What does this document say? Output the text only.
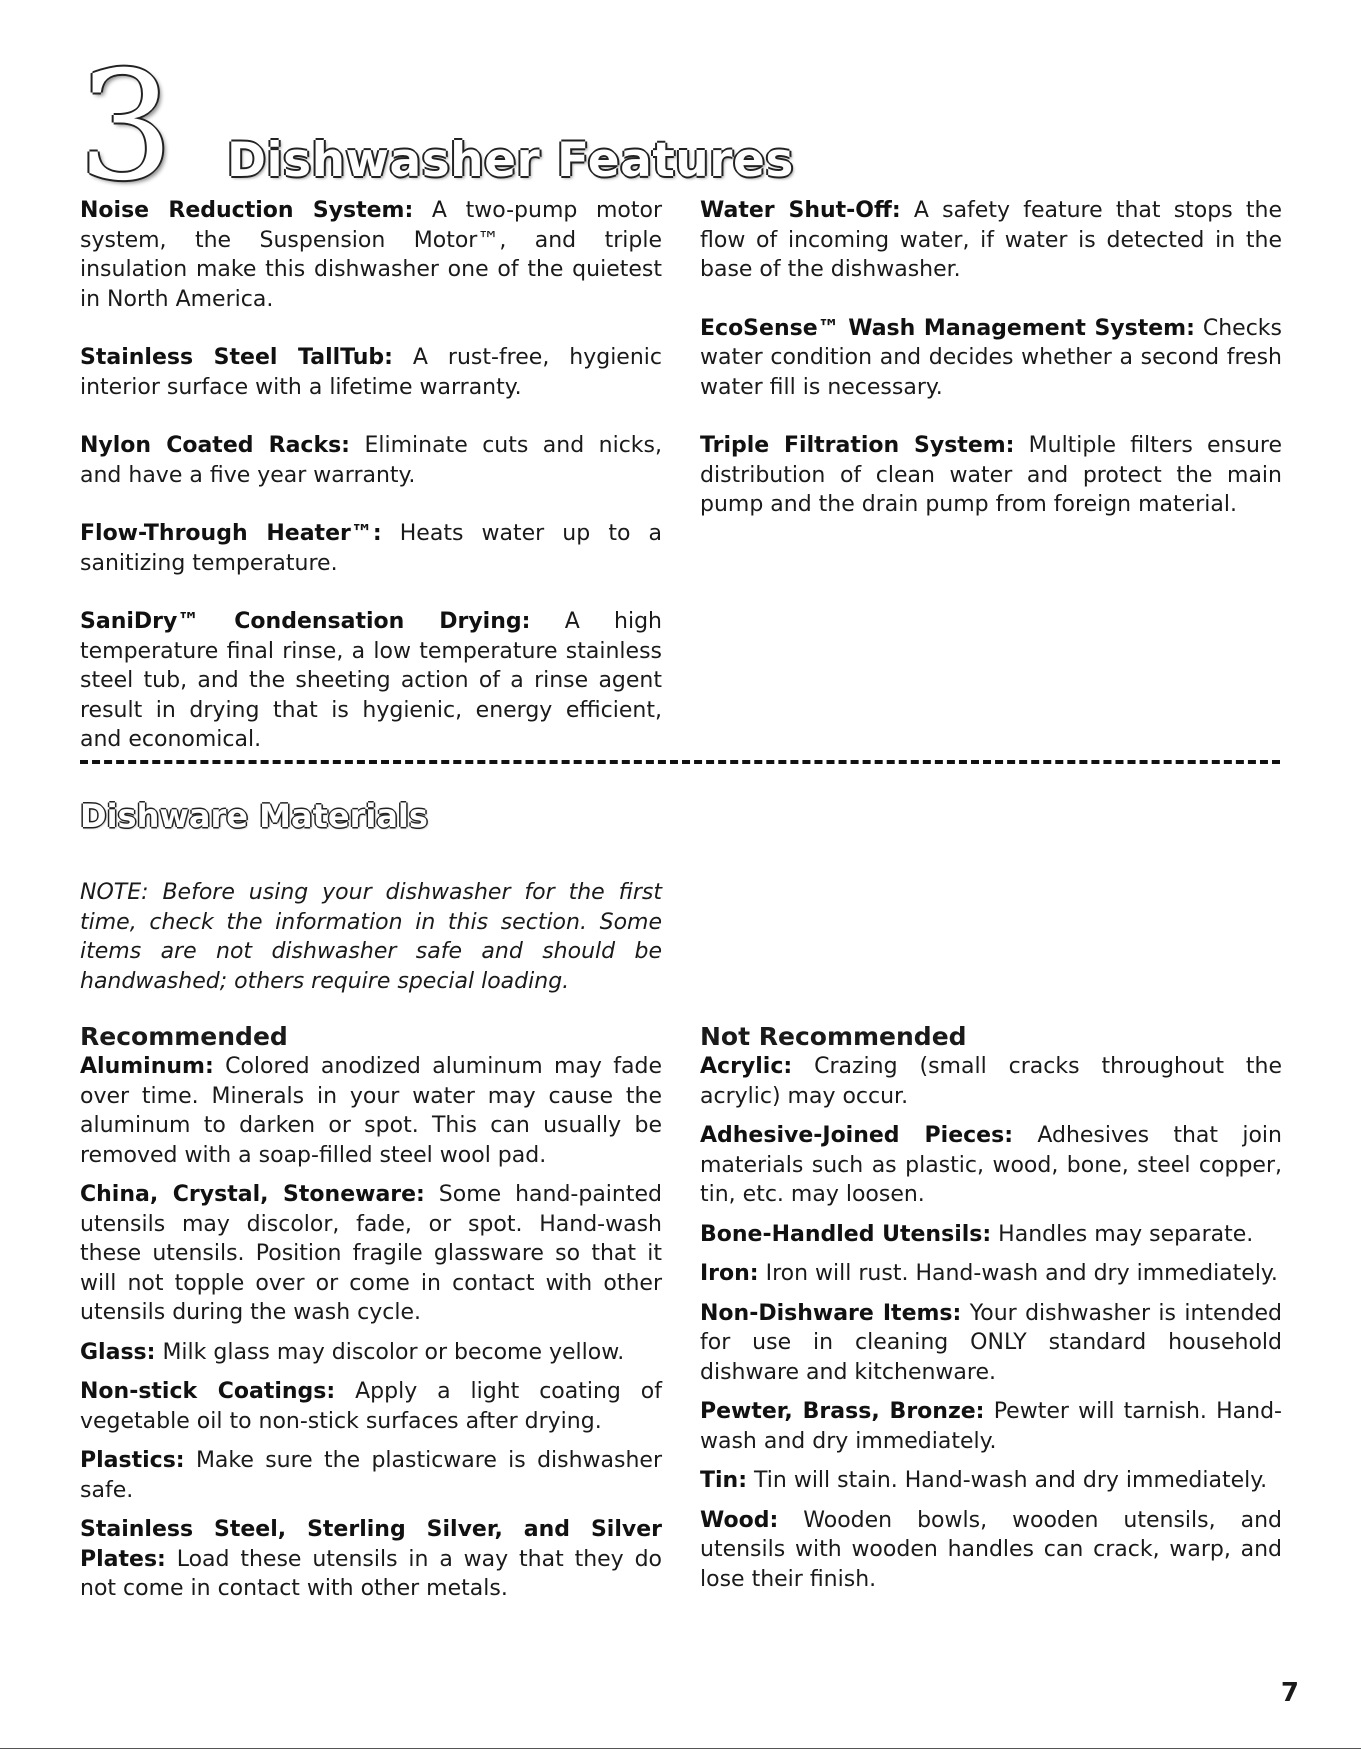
3 Dishwasher Features

Noise Reduction System: A two-pump motor system, the Suspension Motor™, and triple insulation make this dishwasher one of the quietest in North America.

Stainless Steel TallTub: A rust-free, hygienic interior surface with a lifetime warranty.

Nylon Coated Racks: Eliminate cuts and nicks, and have a five year warranty.

Flow-Through Heater™: Heats water up to a sanitizing temperature.

SaniDry™ Condensation Drying: A high temperature final rinse, a low temperature stainless steel tub, and the sheeting action of a rinse agent result in drying that is hygienic, energy efficient, and economical.

Water Shut-Off: A safety feature that stops the flow of incoming water, if water is detected in the base of the dishwasher.

EcoSense™ Wash Management System: Checks water condition and decides whether a second fresh water fill is necessary.

Triple Filtration System: Multiple filters ensure distribution of clean water and protect the main pump and the drain pump from foreign material.

Dishware Materials
NOTE: Before using your dishwasher for the first time, check the information in this section. Some items are not dishwasher safe and should be handwashed; others require special loading.

Recommended

Aluminum: Colored anodized aluminum may fade over time. Minerals in your water may cause the aluminum to darken or spot. This can usually be removed with a soap-filled steel wool pad.

China, Crystal, Stoneware: Some hand-painted utensils may discolor, fade, or spot. Hand-wash these utensils. Position fragile glassware so that it will not topple over or come in contact with other utensils during the wash cycle.

Glass: Milk glass may discolor or become yellow.

Non-stick Coatings: Apply a light coating of vegetable oil to non-stick surfaces after drying.

Plastics: Make sure the plasticware is dishwasher safe.

Stainless Steel, Sterling Silver, and Silver Plates: Load these utensils in a way that they do not come in contact with other metals.

Not Recommended

Acrylic: Crazing (small cracks throughout the acrylic) may occur.

Adhesive-Joined Pieces: Adhesives that join materials such as plastic, wood, bone, steel copper, tin, etc. may loosen.

Bone-Handled Utensils: Handles may separate.

Iron: Iron will rust. Hand-wash and dry immediately.

Non-Dishware Items: Your dishwasher is intended for use in cleaning ONLY standard household dishware and kitchenware.

Pewter, Brass, Bronze: Pewter will tarnish. Hand-wash and dry immediately.

Tin: Tin will stain. Hand-wash and dry immediately.

Wood: Wooden bowls, wooden utensils, and utensils with wooden handles can crack, warp, and lose their finish.

7
